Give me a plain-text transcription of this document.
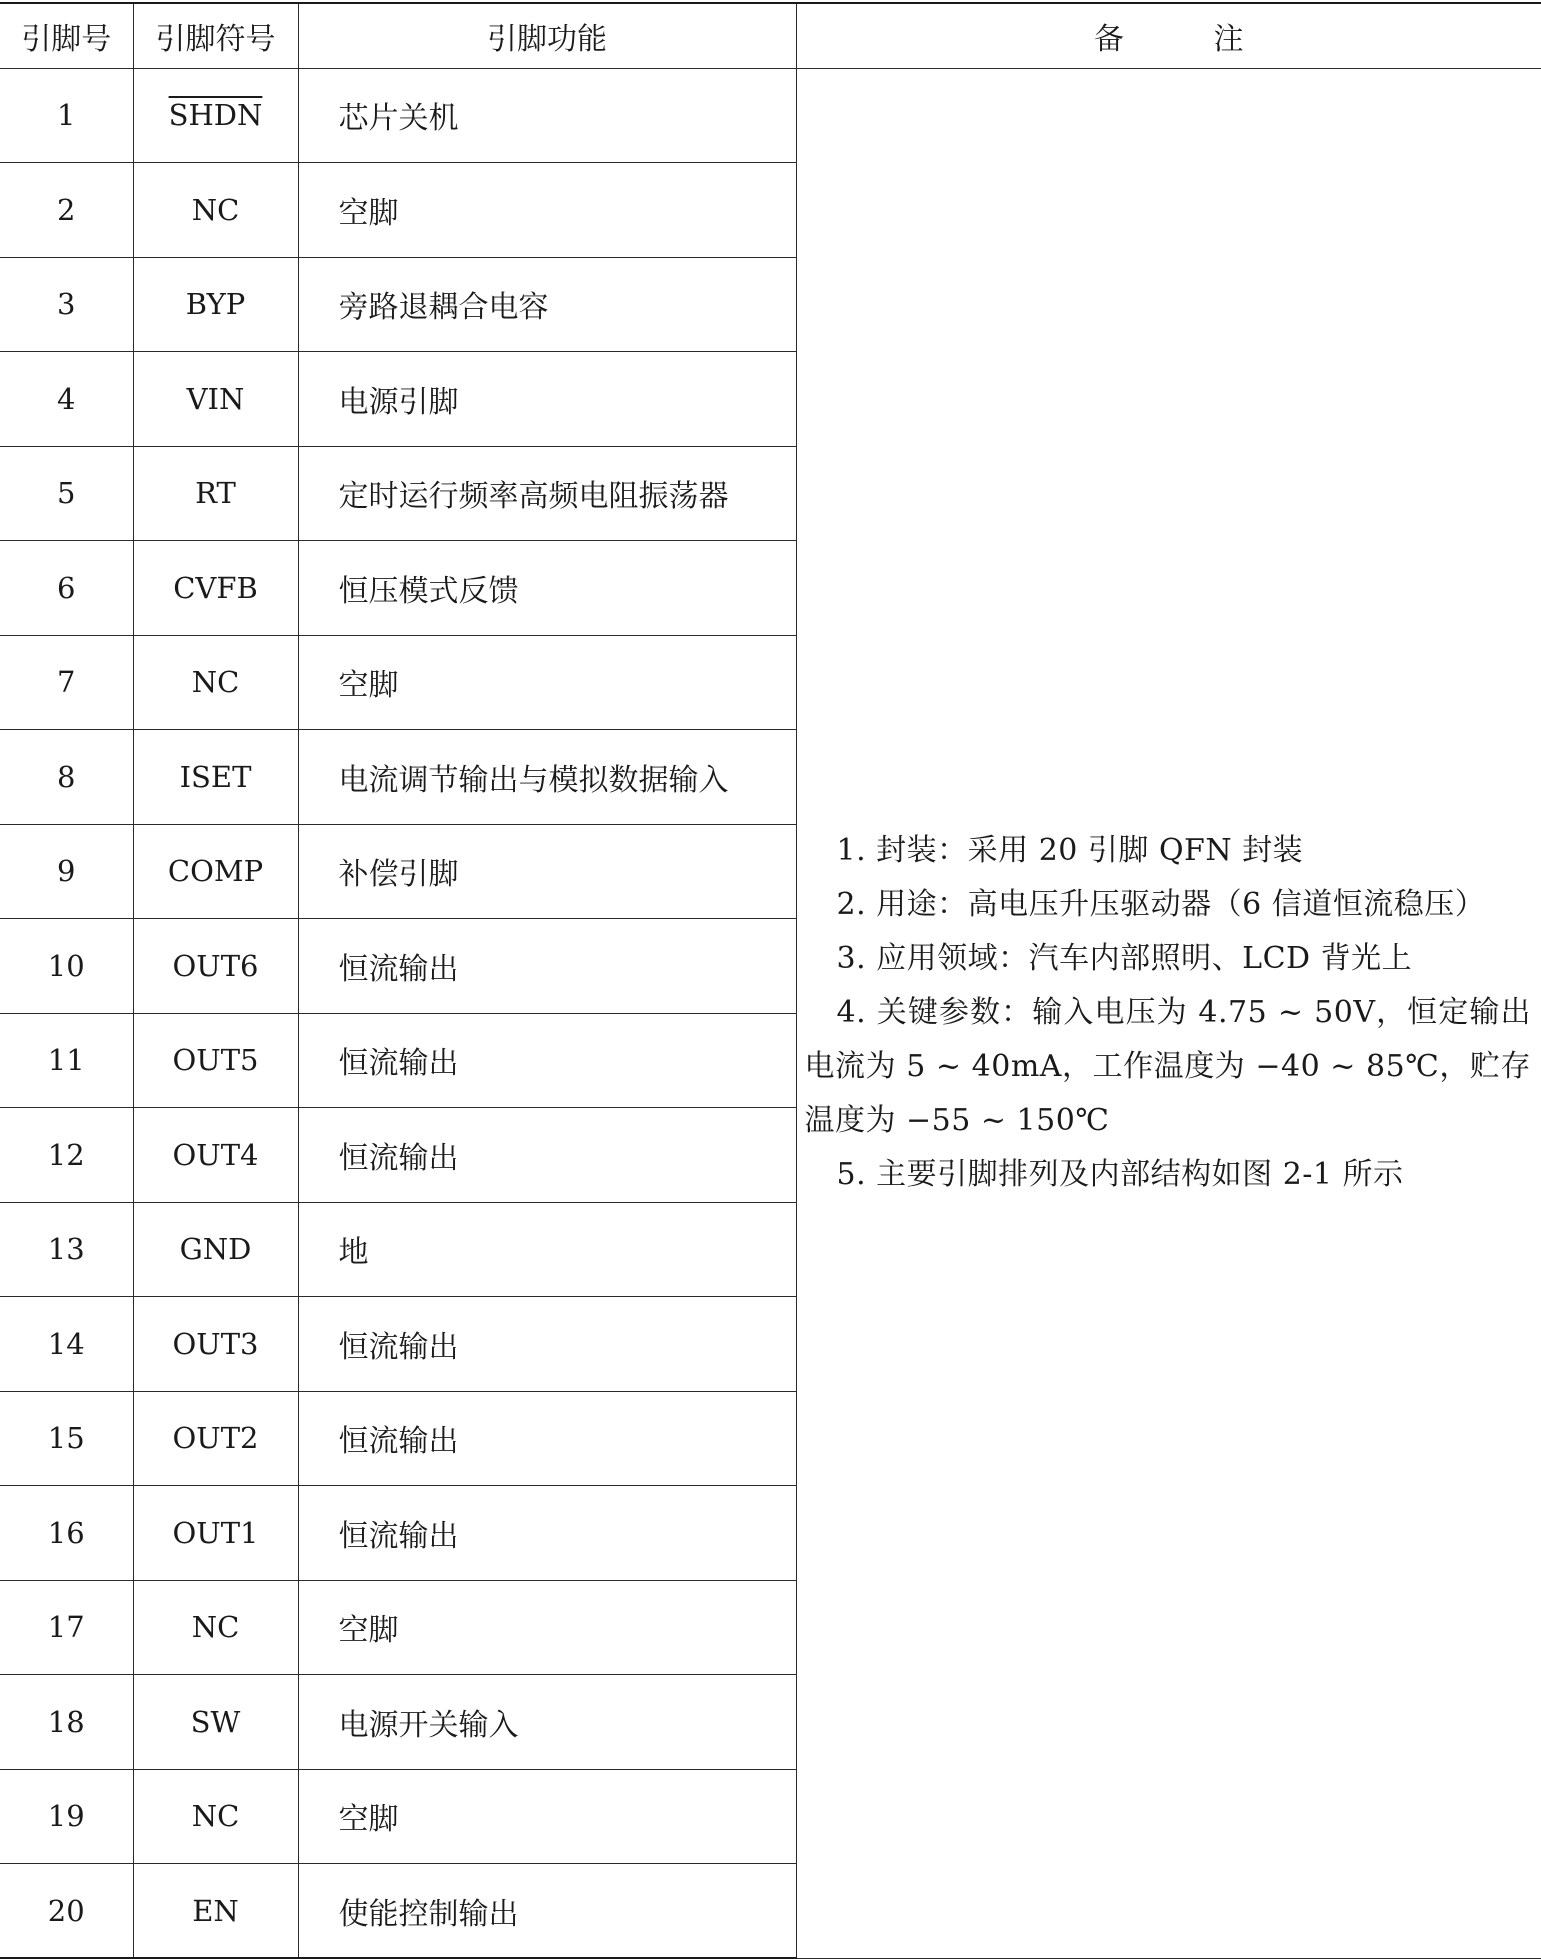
引脚号	引脚符号	引脚功能	备 注
1	SHDN	芯片关机	1. 封装：采用 20 引脚 QFN 封装
2. 用途：高电压升压驱动器（6 信道恒流稳压）
3. 应用领域：汽车内部照明、LCD 背光上
4. 关键参数：输入电压为 4.75 ~ 50V，恒定输出电流为 5 ~ 40mA，工作温度为 −40 ~ 85℃，贮存温度为 −55 ~ 150℃
5. 主要引脚排列及内部结构如图 2-1 所示

2	NC	空脚	
3	BYP	旁路退耦合电容	
4	VIN	电源引脚	
5	RT	定时运行频率高频电阻振荡器	
6	CVFB	恒压模式反馈	
7	NC	空脚	
8	ISET	电流调节输出与模拟数据输入	
9	COMP	补偿引脚	
10	OUT6	恒流输出	
11	OUT5	恒流输出	
12	OUT4	恒流输出	
13	GND	地	
14	OUT3	恒流输出	
15	OUT2	恒流输出	
16	OUT1	恒流输出	
17	NC	空脚	
18	SW	电源开关输入	
19	NC	空脚	
20	EN	使能控制输出	
